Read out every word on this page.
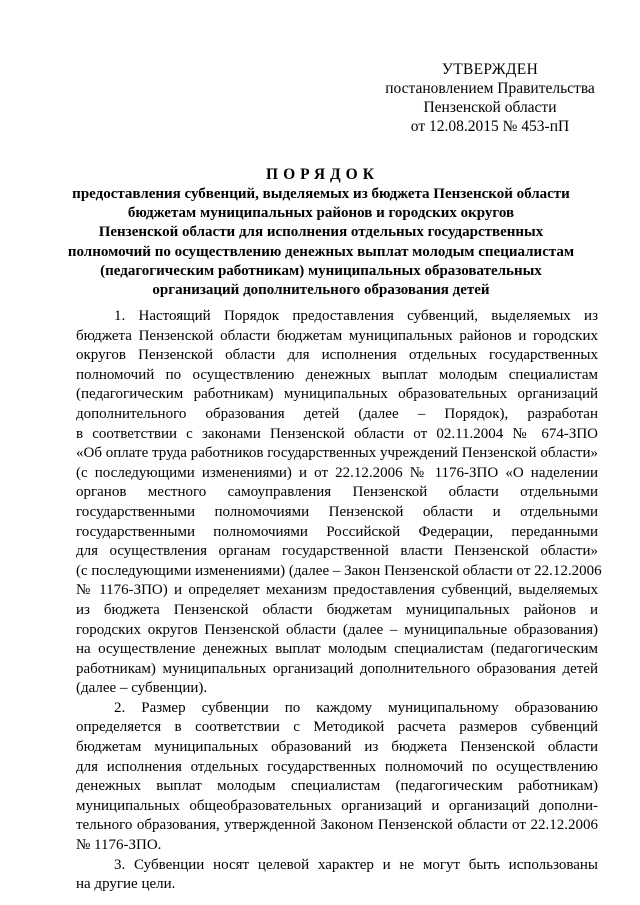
УТВЕРЖДЕН
постановлением Правительства
Пензенской области
от 12.08.2015 № 453-пП
ПОРЯДОК
предоставления субвенций, выделяемых из бюджета Пензенской области
бюджетам муниципальных районов и городских округов
Пензенской области для исполнения отдельных государственных
полномочий по осуществлению денежных выплат молодым специалистам
(педагогическим работникам) муниципальных образовательных
организаций дополнительного образования детей
1. Настоящий Порядок предоставления субвенций, выделяемых из
бюджета Пензенской области бюджетам муниципальных районов и городских
округов Пензенской области для исполнения отдельных государственных
полномочий по осуществлению денежных выплат молодым специалистам
(педагогическим работникам) муниципальных образовательных организаций
дополнительного образования детей (далее – Порядок), разработан
в соответствии с законами Пензенской области от 02.11.2004 № 674-ЗПО
«Об оплате труда работников государственных учреждений Пензенской области»
(с последующими изменениями) и от 22.12.2006 № 1176-ЗПО «О наделении
органов местного самоуправления Пензенской области отдельными
государственными полномочиями Пензенской области и отдельными
государственными полномочиями Российской Федерации, переданными
для осуществления органам государственной власти Пензенской области»
(с последующими изменениями) (далее – Закон Пензенской области от 22.12.2006
№ 1176-ЗПО) и определяет механизм предоставления субвенций, выделяемых
из бюджета Пензенской области бюджетам муниципальных районов и
городских округов Пензенской области (далее – муниципальные образования)
на осуществление денежных выплат молодым специалистам (педагогическим
работникам) муниципальных организаций дополнительного образования детей
(далее – субвенции).
2. Размер субвенции по каждому муниципальному образованию
определяется в соответствии с Методикой расчета размеров субвенций
бюджетам муниципальных образований из бюджета Пензенской области
для исполнения отдельных государственных полномочий по осуществлению
денежных выплат молодым специалистам (педагогическим работникам)
муниципальных общеобразовательных организаций и организаций дополни-
тельного образования, утвержденной Законом Пензенской области от 22.12.2006
№ 1176-ЗПО.
3. Субвенции носят целевой характер и не могут быть использованы
на другие цели.
